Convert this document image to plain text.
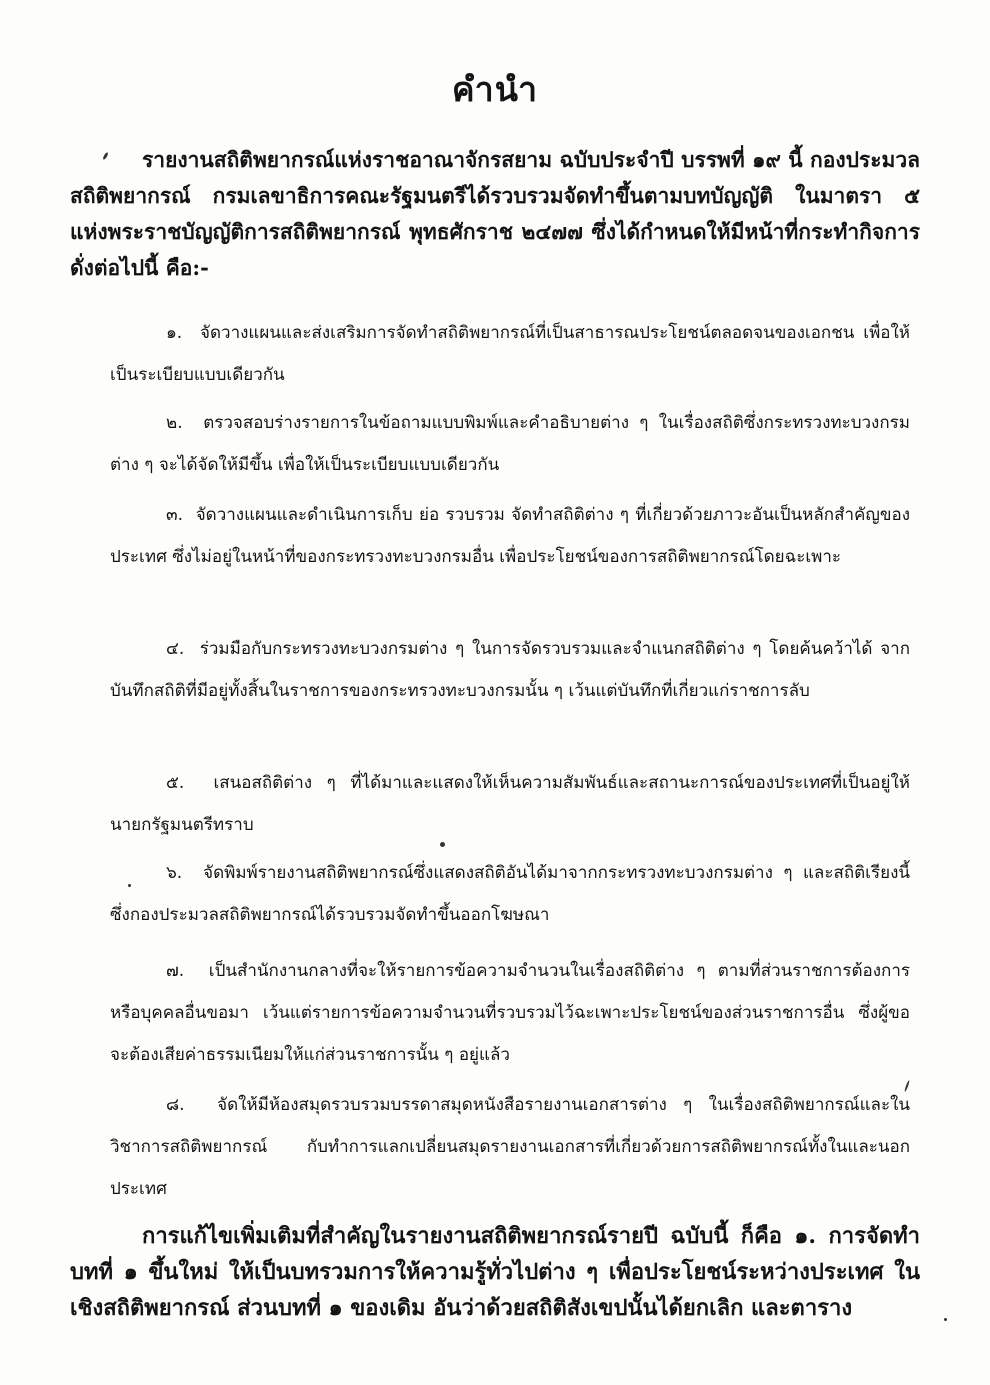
คำนำ
รายงานสถิติพยากรณ์แห่งราชอาณาจักรสยาม ฉบับประจำปี บรรพที่ ๑๙ นี้ กองประมวลสถิติพยากรณ์ กรมเลขาธิการคณะรัฐมนตรีได้รวบรวมจัดทำขึ้นตามบทบัญญัติ ในมาตรา ๕ แห่งพระราชบัญญัติการสถิติพยากรณ์ พุทธศักราช ๒๔๗๗ ซึ่งได้กำหนดให้มีหน้าที่กระทำกิจการดั่งต่อไปนี้ คือ:-
๑. จัดวางแผนและส่งเสริมการจัดทำสถิติพยากรณ์ที่เป็นสาธารณประโยชน์ตลอดจนของเอกชน เพื่อให้เป็นระเบียบแบบเดียวกัน
๒. ตรวจสอบร่างรายการในข้อถามแบบพิมพ์และคำอธิบายต่าง ๆ ในเรื่องสถิติซึ่งกระทรวงทะบวงกรมต่าง ๆ จะได้จัดให้มีขึ้น เพื่อให้เป็นระเบียบแบบเดียวกัน
๓. จัดวางแผนและดำเนินการเก็บ ย่อ รวบรวม จัดทำสถิติต่าง ๆ ที่เกี่ยวด้วยภาวะอันเป็นหลักสำคัญของประเทศ ซึ่งไม่อยู่ในหน้าที่ของกระทรวงทะบวงกรมอื่น เพื่อประโยชน์ของการสถิติพยากรณ์โดยฉะเพาะ
๔. ร่วมมือกับกระทรวงทะบวงกรมต่าง ๆ ในการจัดรวบรวมและจำแนกสถิติต่าง ๆ โดยค้นคว้าได้ จากบันทึกสถิติที่มีอยู่ทั้งสิ้นในราชการของกระทรวงทะบวงกรมนั้น ๆ เว้นแต่บันทึกที่เกี่ยวแก่ราชการลับ
๕. เสนอสถิติต่าง ๆ ที่ได้มาและแสดงให้เห็นความสัมพันธ์และสถานะการณ์ของประเทศที่เป็นอยู่ให้นายกรัฐมนตรีทราบ
๖. จัดพิมพ์รายงานสถิติพยากรณ์ซึ่งแสดงสถิติอันได้มาจากกระทรวงทะบวงกรมต่าง ๆ และสถิติเรียงนี้ ซึ่งกองประมวลสถิติพยากรณ์ได้รวบรวมจัดทำขึ้นออกโฆษณา
๗. เป็นสำนักงานกลางที่จะให้รายการข้อความจำนวนในเรื่องสถิติต่าง ๆ ตามที่ส่วนราชการต้องการ หรือบุคคลอื่นขอมา เว้นแต่รายการข้อความจำนวนที่รวบรวมไว้ฉะเพาะประโยชน์ของส่วนราชการอื่น ซึ่งผู้ขอจะต้องเสียค่าธรรมเนียมให้แก่ส่วนราชการนั้น ๆ อยู่แล้ว
๘. จัดให้มีห้องสมุดรวบรวมบรรดาสมุดหนังสือรายงานเอกสารต่าง ๆ ในเรื่องสถิติพยากรณ์และในวิชาการสถิติพยากรณ์ กับทำการแลกเปลี่ยนสมุดรายงานเอกสารที่เกี่ยวด้วยการสถิติพยากรณ์ทั้งในและนอกประเทศ
การแก้ไขเพิ่มเติมที่สำคัญในรายงานสถิติพยากรณ์รายปี ฉบับนี้ ก็คือ ๑. การจัดทำบทที่ ๑ ขึ้นใหม่ ให้เป็นบทรวมการให้ความรู้ทั่วไปต่าง ๆ เพื่อประโยชน์ระหว่างประเทศ ในเชิงสถิติพยากรณ์ ส่วนบทที่ ๑ ของเดิม อันว่าด้วยสถิติสังเขปนั้นได้ยกเลิก และตาราง
